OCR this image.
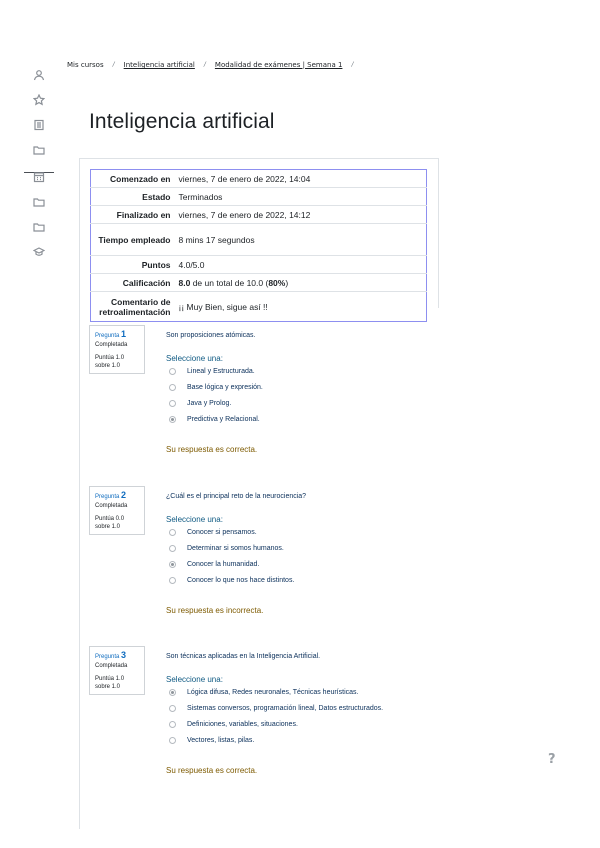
Mis cursos / Inteligencia artificial / Modalidad de exámenes | Semana 1 /
Inteligencia artificial
Comenzado en	viernes, 7 de enero de 2022, 14:04
Estado	Terminados
Finalizado en	viernes, 7 de enero de 2022, 14:12
Tiempo empleado	8 mins 17 segundos
Puntos	4.0/5.0
Calificación	8.0 de un total de 10.0 (80%)
Comentario de retroalimentación	¡¡ Muy Bien, sigue así !!
Pregunta 1
Completada
Puntúa 1.0 sobre 1.0
Son proposiciones atómicas.
Seleccione una:
Lineal y Estructurada.
Base lógica y expresión.
Java y Prolog.
Predictiva y Relacional.
Su respuesta es correcta.
Pregunta 2
Completada
Puntúa 0.0 sobre 1.0
¿Cuál es el principal reto de la neurociencia?
Seleccione una:
Conocer si pensamos.
Determinar si somos humanos.
Conocer la humanidad.
Conocer lo que nos hace distintos.
Su respuesta es incorrecta.
Pregunta 3
Completada
Puntúa 1.0 sobre 1.0
Son técnicas aplicadas en la Inteligencia Artificial.
Seleccione una:
Lógica difusa, Redes neuronales, Técnicas heurísticas.
Sistemas conversos, programación lineal, Datos estructurados.
Definiciones, variables, situaciones.
Vectores, listas, pilas.
Su respuesta es correcta.
?
